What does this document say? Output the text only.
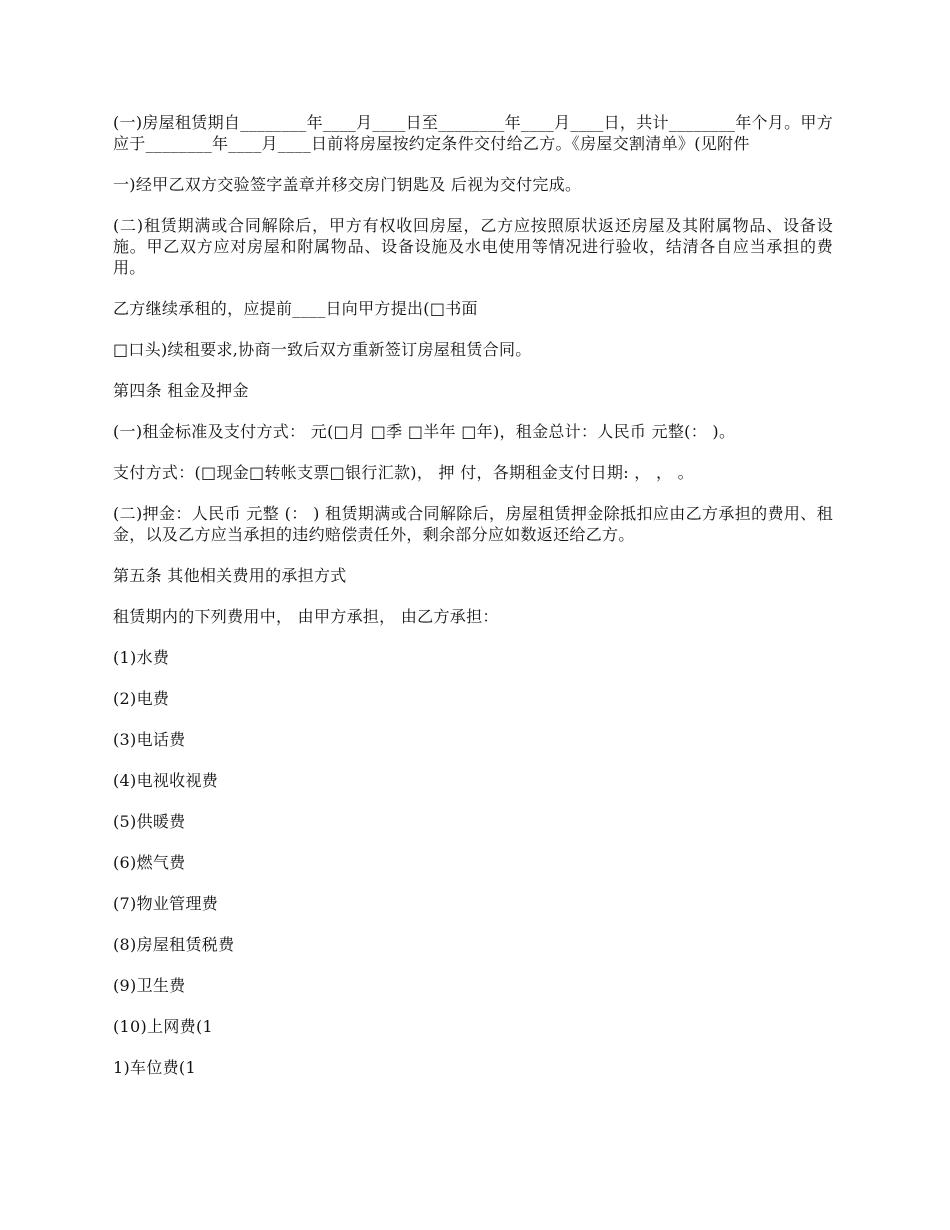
(一)房屋租赁期自________年____月____日至________年____月____日，共计________年个月。甲方应于________年____月____日前将房屋按约定条件交付给乙方。《房屋交割清单》(见附件

一)经甲乙双方交验签字盖章并移交房门钥匙及 后视为交付完成。

(二)租赁期满或合同解除后，甲方有权收回房屋，乙方应按照原状返还房屋及其附属物品、设备设施。甲乙双方应对房屋和附属物品、设备设施及水电使用等情况进行验收，结清各自应当承担的费用。

乙方继续承租的，应提前____日向甲方提出(□书面

□口头)续租要求,协商一致后双方重新签订房屋租赁合同。

第四条 租金及押金

(一)租金标准及支付方式： 元(□月 □季 □半年 □年)，租金总计：人民币 元整(： )。

支付方式：(□现金□转帐支票□银行汇款)， 押 付，各期租金支付日期: ， ， 。

(二)押金：人民币 元整 (： ) 租赁期满或合同解除后，房屋租赁押金除抵扣应由乙方承担的费用、租金，以及乙方应当承担的违约赔偿责任外，剩余部分应如数返还给乙方。

第五条 其他相关费用的承担方式

租赁期内的下列费用中， 由甲方承担， 由乙方承担：

(1)水费

(2)电费

(3)电话费

(4)电视收视费

(5)供暖费

(6)燃气费

(7)物业管理费

(8)房屋租赁税费

(9)卫生费

(10)上网费(1

1)车位费(1
